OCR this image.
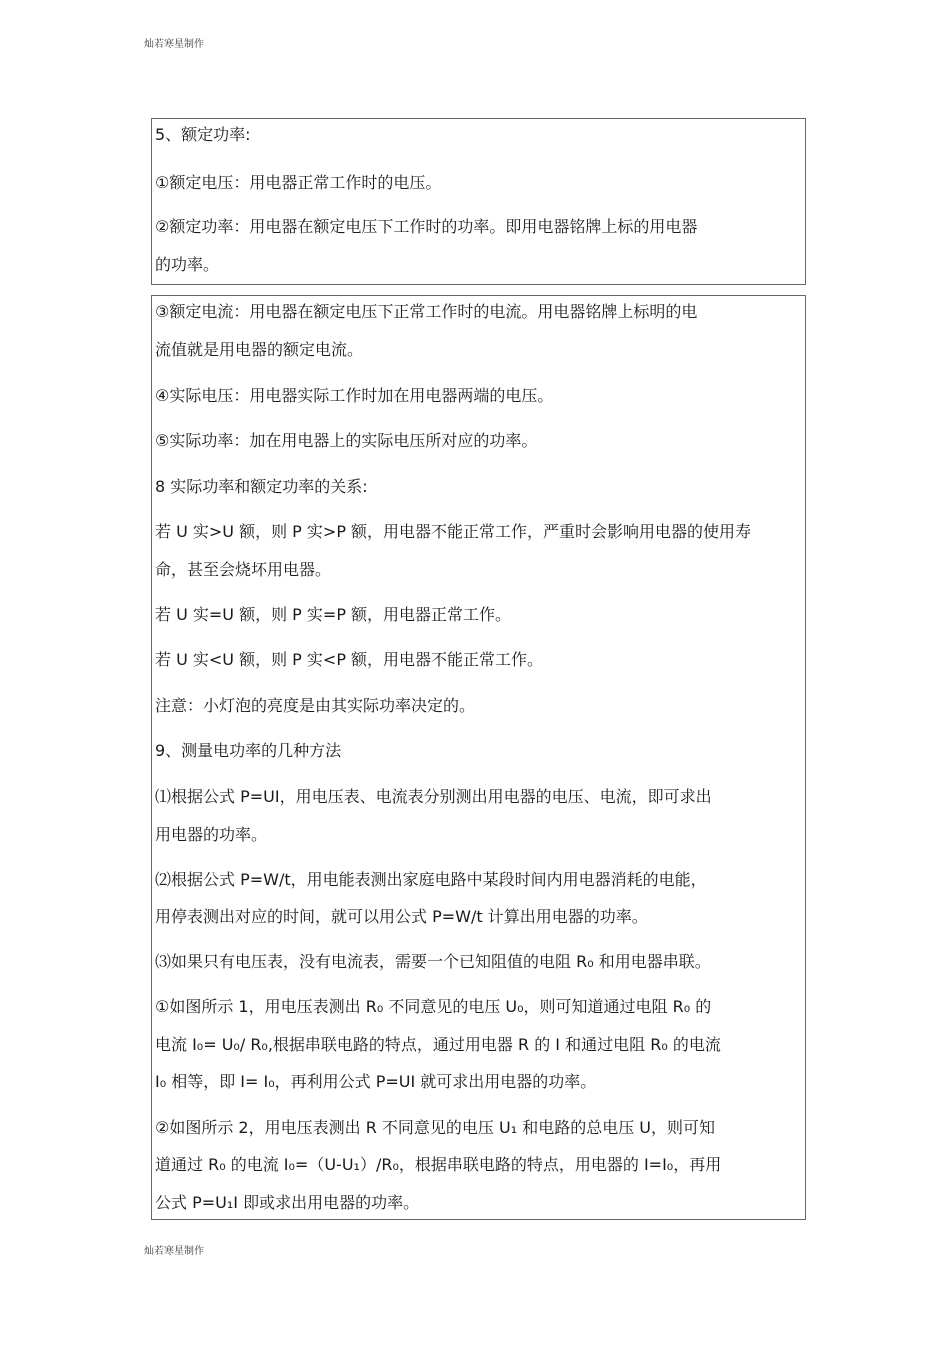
灿若寒星制作
5、额定功率:
①额定电压：用电器正常工作时的电压。
②额定功率：用电器在额定电压下工作时的功率。即用电器铭牌上标的用电器
的功率。
③额定电流：用电器在额定电压下正常工作时的电流。用电器铭牌上标明的电
流值就是用电器的额定电流。
④实际电压：用电器实际工作时加在用电器两端的电压。
⑤实际功率：加在用电器上的实际电压所对应的功率。
8 实际功率和额定功率的关系:
若 U 实>U 额，则 P 实>P 额，用电器不能正常工作，严重时会影响用电器的使用寿
命，甚至会烧坏用电器。
若 U 实=U 额，则 P 实=P 额，用电器正常工作。
若 U 实<U 额，则 P 实<P 额，用电器不能正常工作。
注意：小灯泡的亮度是由其实际功率决定的。
9、测量电功率的几种方法
⑴根据公式 P=UI，用电压表、电流表分别测出用电器的电压、电流，即可求出
用电器的功率。
⑵根据公式 P=W/t，用电能表测出家庭电路中某段时间内用电器消耗的电能，
用停表测出对应的时间，就可以用公式 P=W/t 计算出用电器的功率。
⑶如果只有电压表，没有电流表，需要一个已知阻值的电阻 R₀ 和用电器串联。
①如图所示 1，用电压表测出 R₀ 不同意见的电压 U₀，则可知道通过电阻 R₀ 的
电流 I₀= U₀/ R₀,根据串联电路的特点，通过用电器 R 的 I 和通过电阻 R₀ 的电流
I₀ 相等，即 I= I₀，再利用公式 P=UI 就可求出用电器的功率。
②如图所示 2，用电压表测出 R 不同意见的电压 U₁ 和电路的总电压 U，则可知
道通过 R₀ 的电流 I₀=（U-U₁）/R₀，根据串联电路的特点，用电器的 I=I₀，再用
公式 P=U₁I 即或求出用电器的功率。
灿若寒星制作
